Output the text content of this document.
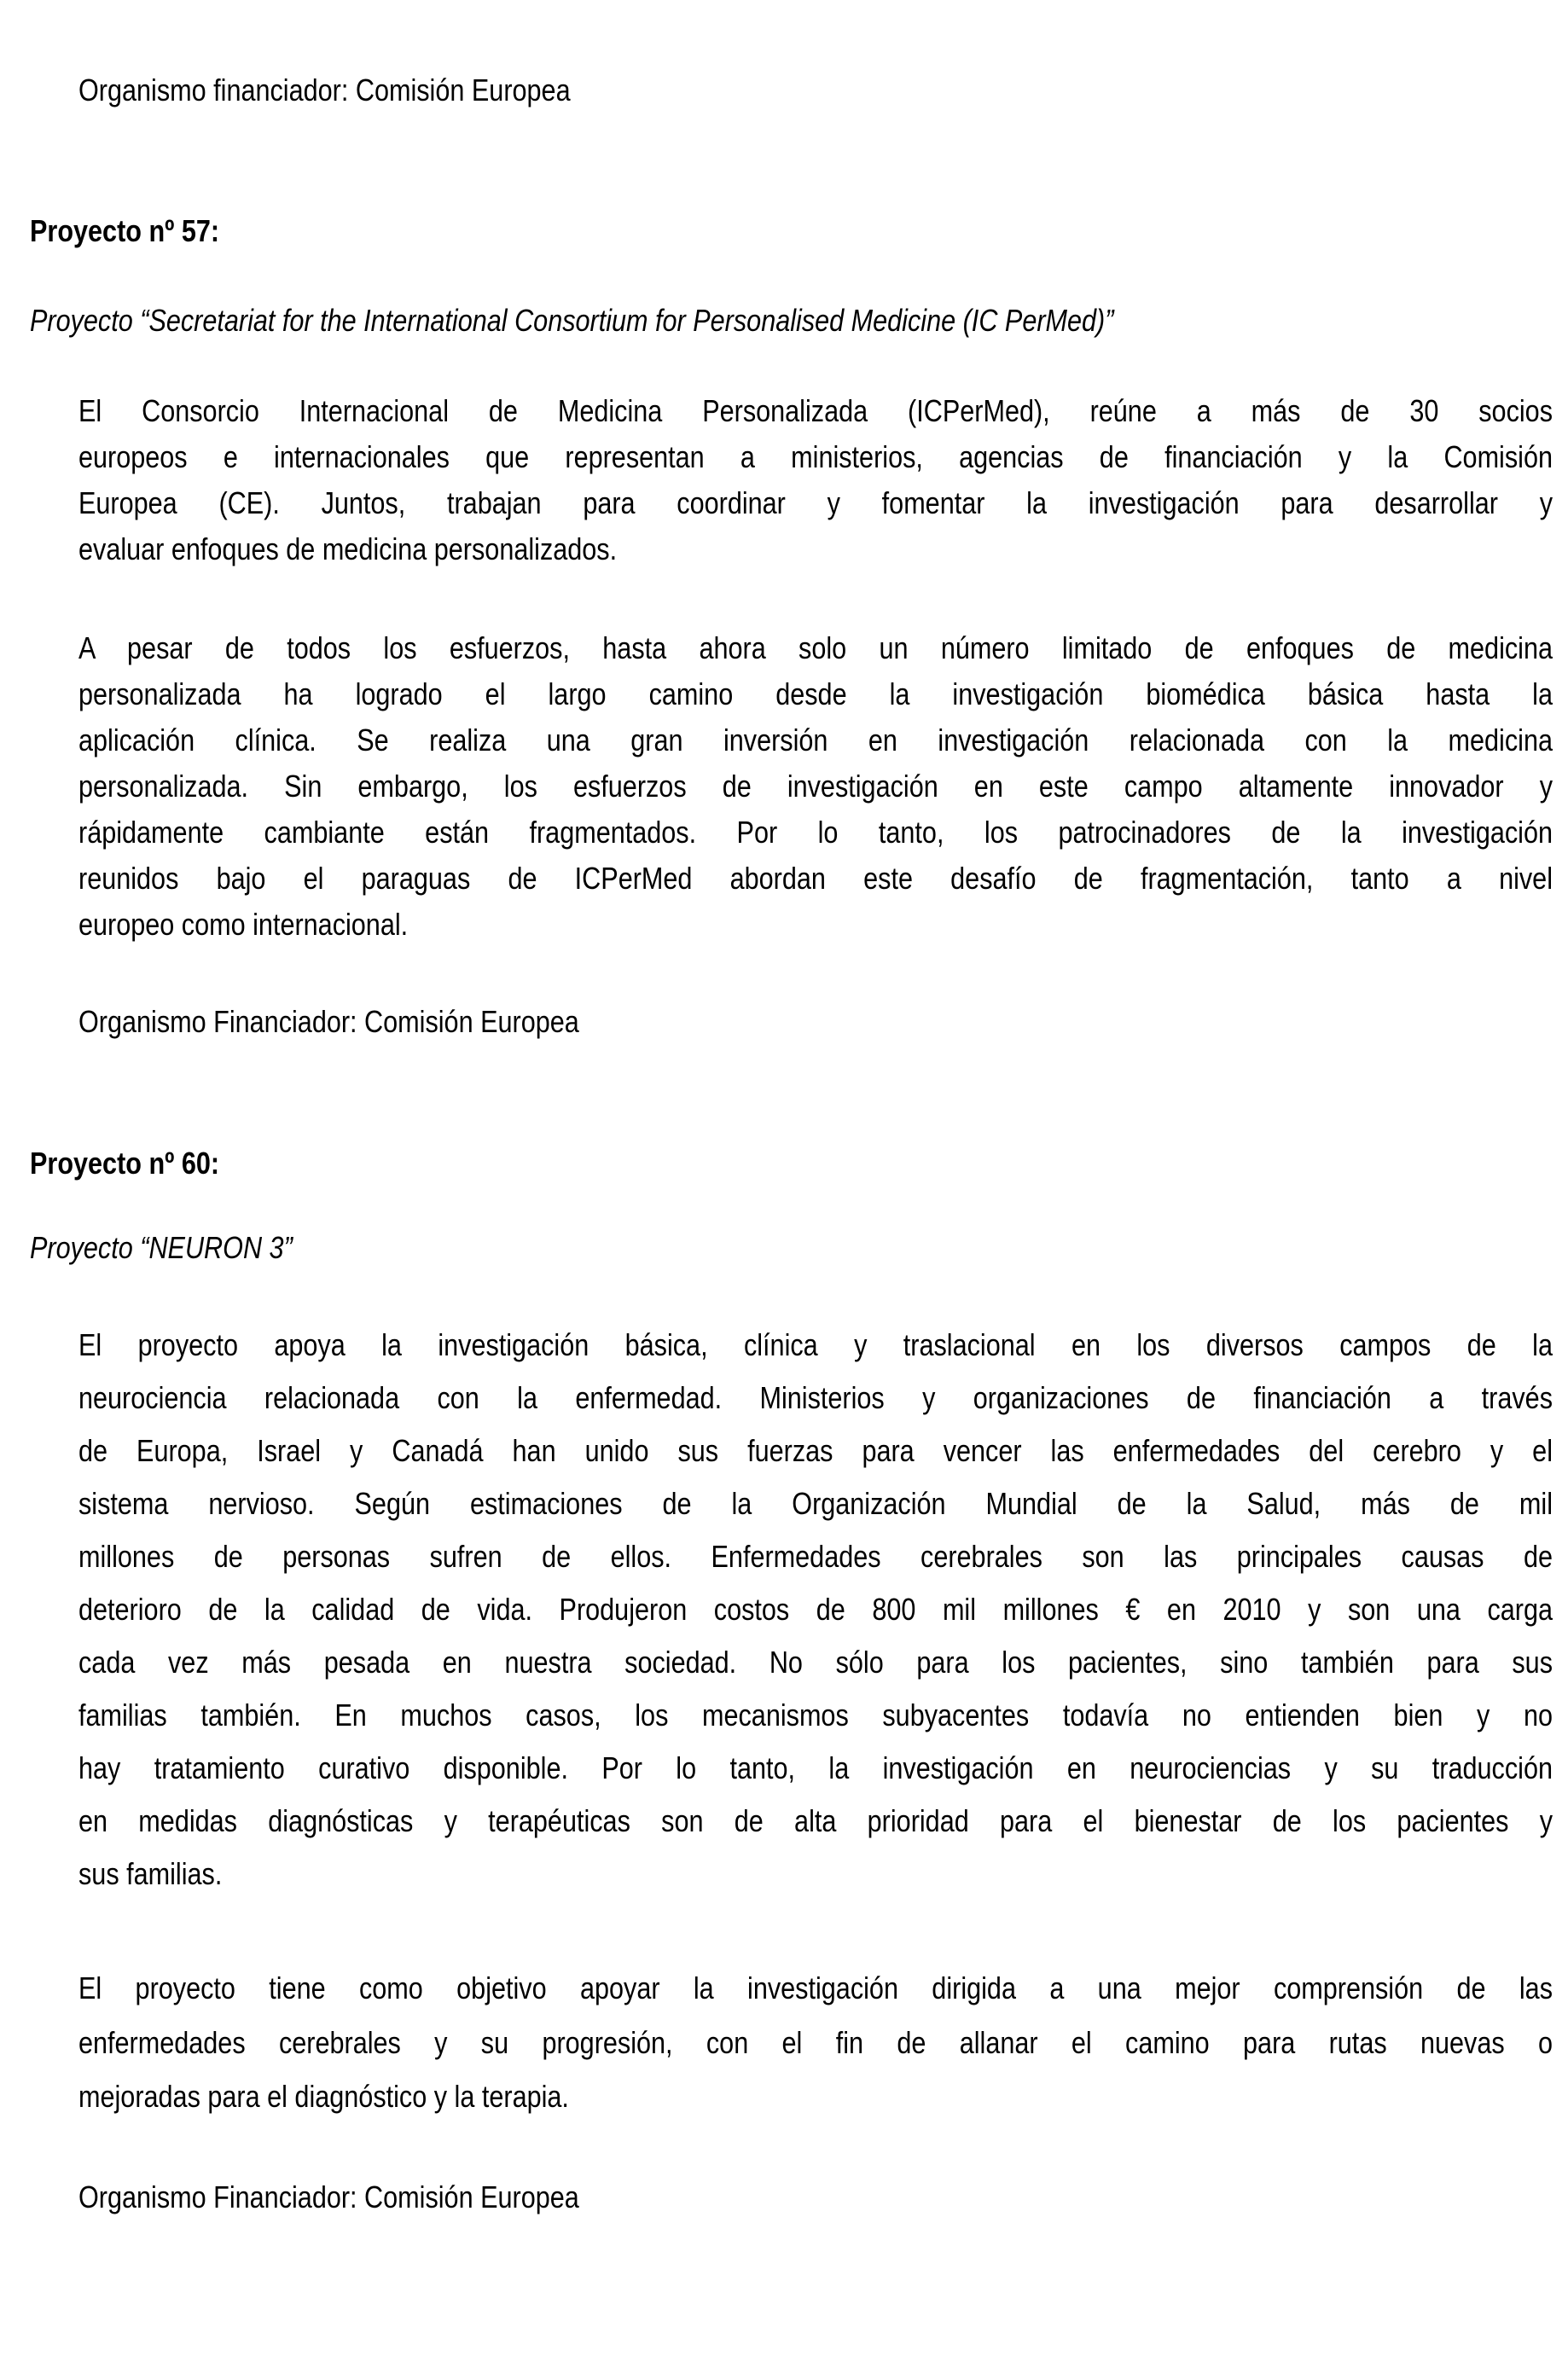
Organismo financiador: Comisión Europea
Proyecto nº 57:
Proyecto “Secretariat for the International Consortium for Personalised Medicine (IC PerMed)”
El Consorcio Internacional de Medicina Personalizada (ICPerMed), reúne a más de 30 socios
europeos e internacionales que representan a ministerios, agencias de financiación y la Comisión
Europea (CE). Juntos, trabajan para coordinar y fomentar la investigación para desarrollar y
evaluar enfoques de medicina personalizados.
A pesar de todos los esfuerzos, hasta ahora solo un número limitado de enfoques de medicina
personalizada ha logrado el largo camino desde la investigación biomédica básica hasta la
aplicación clínica. Se realiza una gran inversión en investigación relacionada con la medicina
personalizada. Sin embargo, los esfuerzos de investigación en este campo altamente innovador y
rápidamente cambiante están fragmentados. Por lo tanto, los patrocinadores de la investigación
reunidos bajo el paraguas de ICPerMed abordan este desafío de fragmentación, tanto a nivel
europeo como internacional.
Organismo Financiador: Comisión Europea
Proyecto nº 60:
Proyecto “NEURON 3”
El proyecto apoya la investigación básica, clínica y traslacional en los diversos campos de la
neurociencia relacionada con la enfermedad. Ministerios y organizaciones de financiación a través
de Europa, Israel y Canadá han unido sus fuerzas para vencer las enfermedades del cerebro y el
sistema nervioso. Según estimaciones de la Organización Mundial de la Salud, más de mil
millones de personas sufren de ellos. Enfermedades cerebrales son las principales causas de
deterioro de la calidad de vida. Produjeron costos de 800 mil millones € en 2010 y son una carga
cada vez más pesada en nuestra sociedad. No sólo para los pacientes, sino también para sus
familias también. En muchos casos, los mecanismos subyacentes todavía no entienden bien y no
hay tratamiento curativo disponible. Por lo tanto, la investigación en neurociencias y su traducción
en medidas diagnósticas y terapéuticas son de alta prioridad para el bienestar de los pacientes y
sus familias.
El proyecto tiene como objetivo apoyar la investigación dirigida a una mejor comprensión de las
enfermedades cerebrales y su progresión, con el fin de allanar el camino para rutas nuevas o
mejoradas para el diagnóstico y la terapia.
Organismo Financiador: Comisión Europea
